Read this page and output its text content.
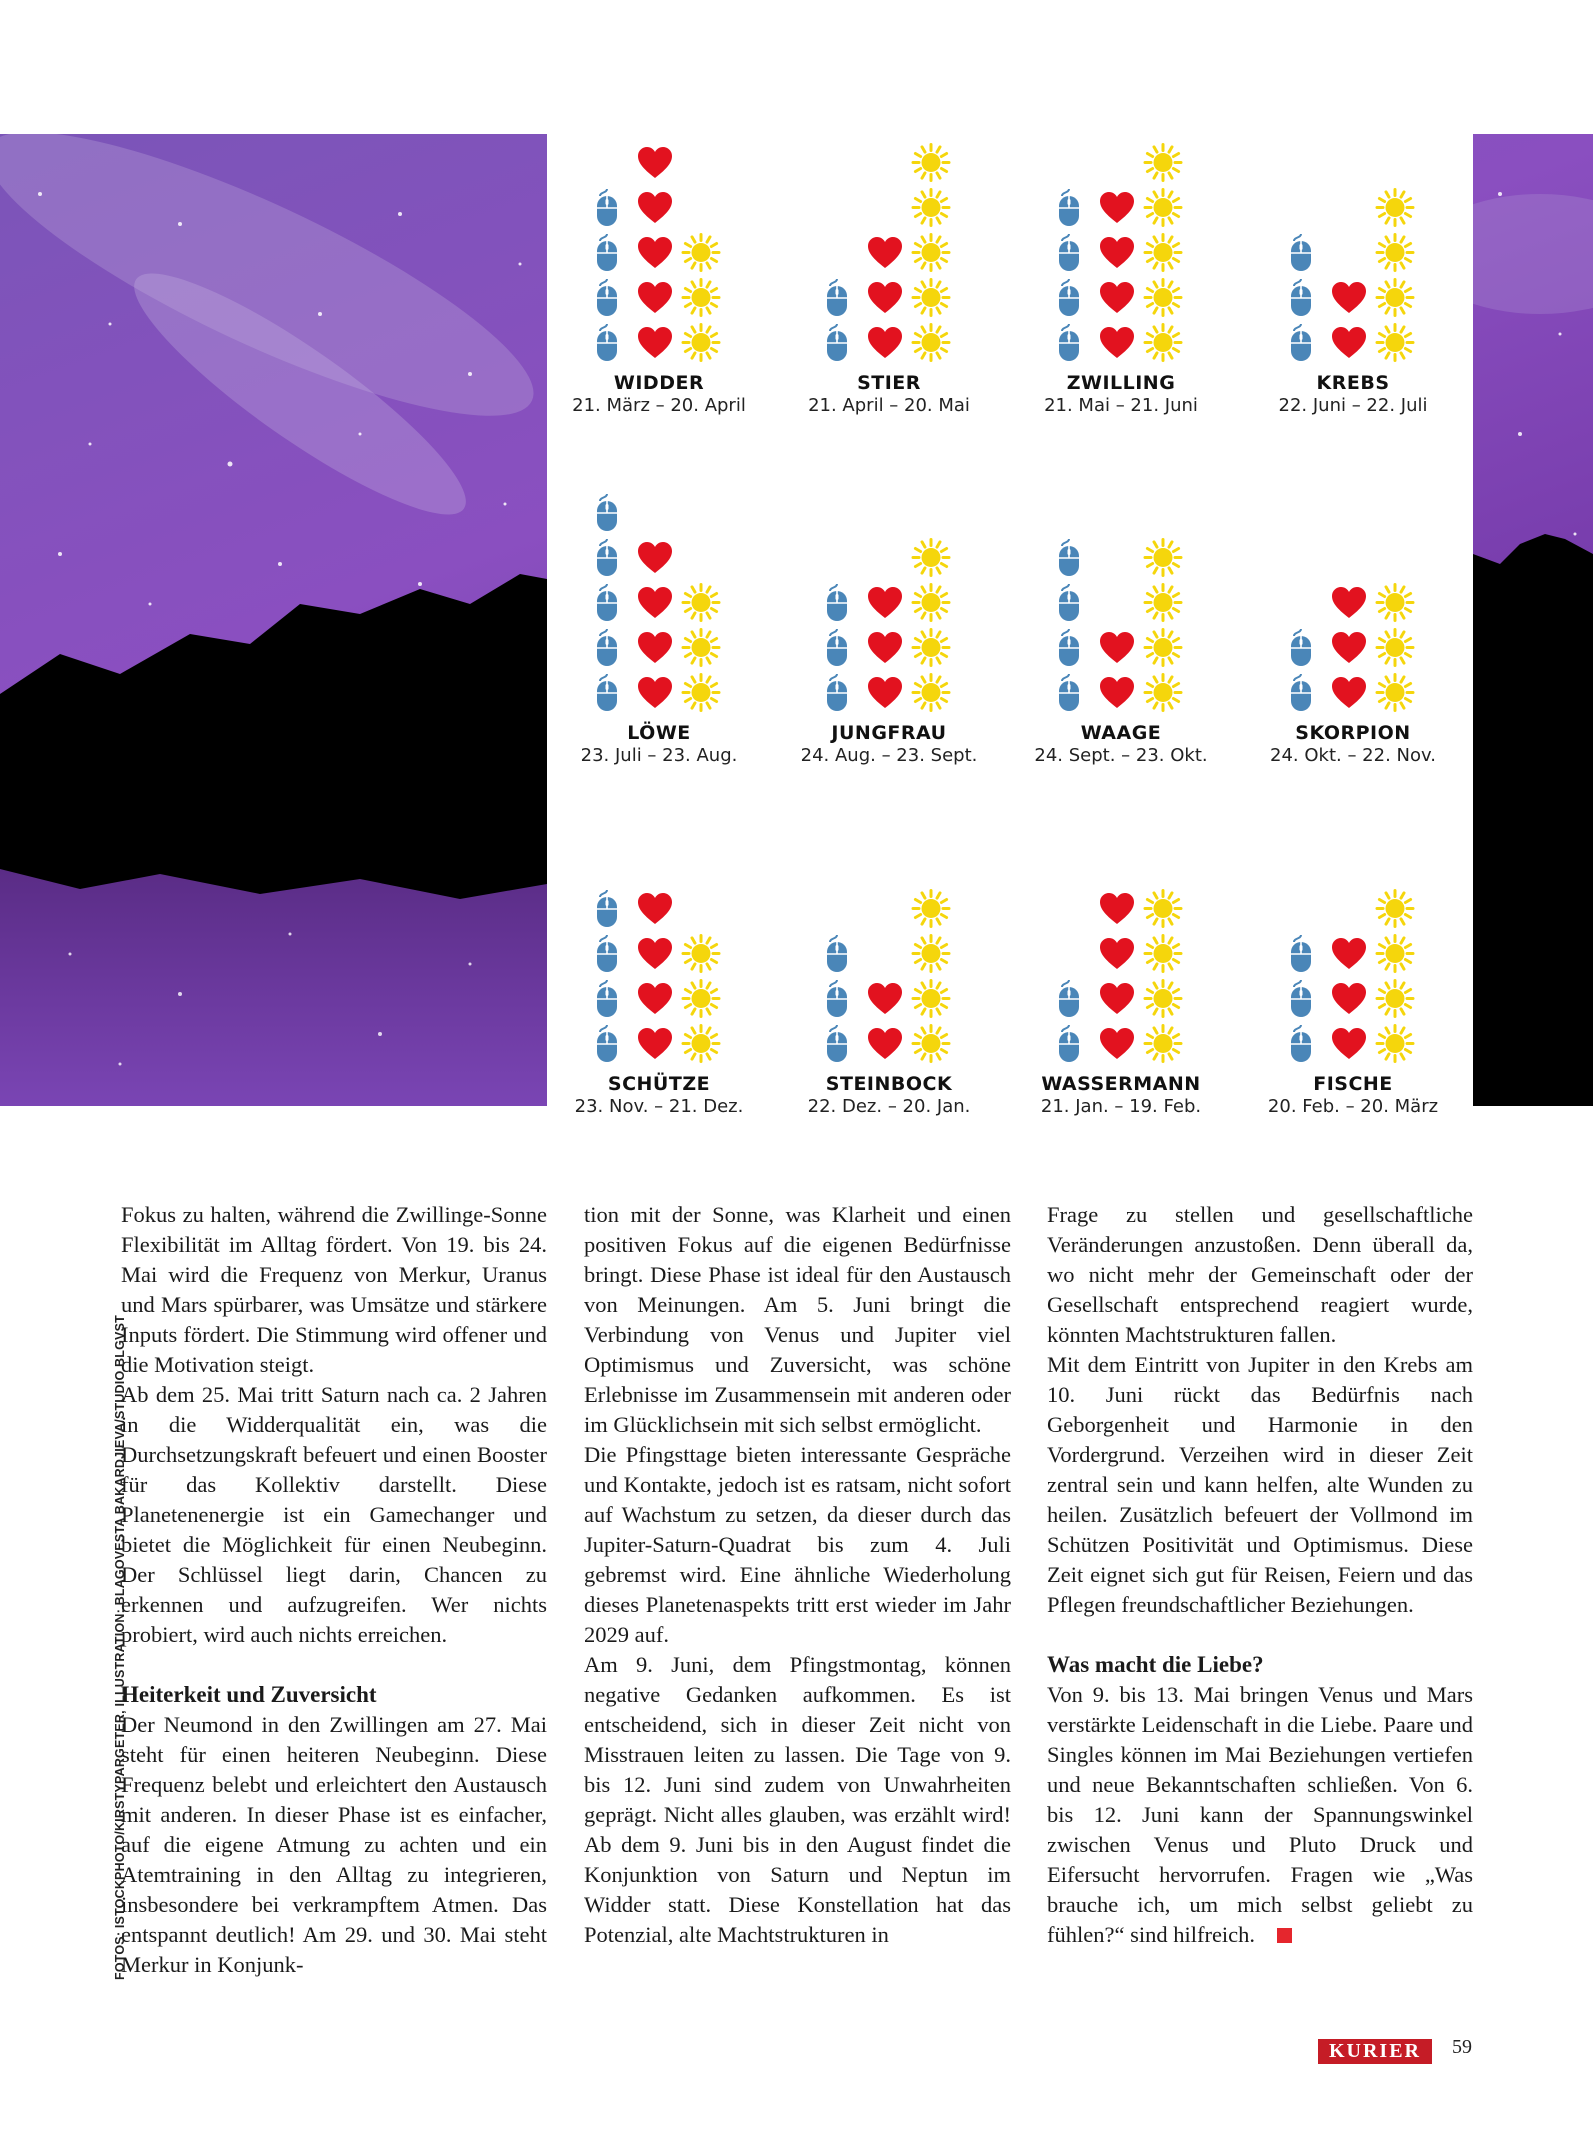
WIDDER
21. März – 20. April
STIER
21. April – 20. Mai
ZWILLING
21. Mai – 21. Juni
KREBS
22. Juni – 22. Juli
LÖWE
23. Juli – 23. Aug.
JUNGFRAU
24. Aug. – 23. Sept.
WAAGE
24. Sept. – 23. Okt.
SKORPION
24. Okt. – 22. Nov.
SCHÜTZE
23. Nov. – 21. Dez.
STEINBOCK
22. Dez. – 20. Jan.
WASSERMANN
21. Jan. – 19. Feb.
FISCHE
20. Feb. – 20. März

Fokus zu halten, während die Zwillinge-Sonne Flexibilität im Alltag fördert. Von 19. bis 24. Mai wird die Frequenz von Merkur, Uranus und Mars spürbarer, was Umsätze und stärkere Inputs fördert. Die Stimmung wird offener und die Motivation steigt.

Ab dem 25. Mai tritt Saturn nach ca. 2 Jahren in die Widderqualität ein, was die Durchsetzungskraft befeuert und einen Booster für das Kollektiv darstellt. Diese Planetenenergie ist ein Gamechanger und bietet die Möglichkeit für einen Neubeginn. Der Schlüssel liegt darin, Chancen zu erkennen und aufzugreifen. Wer nichts probiert, wird auch nichts erreichen.

Heiterkeit und Zuversicht

Der Neumond in den Zwillingen am 27. Mai steht für einen heiteren Neubeginn. Diese Frequenz belebt und erleichtert den Austausch mit anderen. In dieser Phase ist es einfacher, auf die eigene Atmung zu achten und ein Atemtraining in den Alltag zu integrieren, insbesondere bei verkrampftem Atmen. Das entspannt deutlich! Am 29. und 30. Mai steht Merkur in Konjunk-

tion mit der Sonne, was Klarheit und einen positiven Fokus auf die eigenen Bedürfnisse bringt. Diese Phase ist ideal für den Austausch von Meinungen. Am 5. Juni bringt die Verbindung von Venus und Jupiter viel Optimismus und Zuversicht, was schöne Erlebnisse im Zusammensein mit anderen oder im Glücklichsein mit sich selbst ermöglicht.

Die Pfingsttage bieten interessante Gespräche und Kontakte, jedoch ist es ratsam, nicht sofort auf Wachstum zu setzen, da dieser durch das Jupiter-Saturn-Quadrat bis zum 4. Juli gebremst wird. Eine ähnliche Wiederholung dieses Planetenaspekts tritt erst wieder im Jahr 2029 auf.

Am 9. Juni, dem Pfingstmontag, können negative Gedanken aufkommen. Es ist entscheidend, sich in dieser Zeit nicht von Misstrauen leiten zu lassen. Die Tage von 9. bis 12. Juni sind zudem von Unwahrheiten geprägt. Nicht alles glauben, was erzählt wird! Ab dem 9. Juni bis in den August findet die Konjunktion von Saturn und Neptun im Widder statt. Diese Konstellation hat das Potenzial, alte Machtstrukturen in

Frage zu stellen und gesellschaftliche Veränderungen anzustoßen. Denn überall da, wo nicht mehr der Gemeinschaft oder der Gesellschaft entsprechend reagiert wurde, könnten Machtstrukturen fallen.

Mit dem Eintritt von Jupiter in den Krebs am 10. Juni rückt das Bedürfnis nach Geborgenheit und Harmonie in den Vordergrund. Verzeihen wird in dieser Zeit zentral sein und kann helfen, alte Wunden zu heilen. Zusätzlich befeuert der Vollmond im Schützen Positivität und Optimismus. Diese Zeit eignet sich gut für Reisen, Feiern und das Pflegen freundschaftlicher Beziehungen.

Was macht die Liebe?

Von 9. bis 13. Mai bringen Venus und Mars verstärkte Leidenschaft in die Liebe. Paare und Singles können im Mai Beziehungen vertiefen und neue Bekanntschaften schließen. Von 6. bis 12. Juni kann der Spannungswinkel zwischen Venus und Pluto Druck und Eifersucht hervorrufen. Fragen wie „Was brauche ich, um mich selbst geliebt zu fühlen?“ sind hilfreich.

FOTOS: ISTOCKPHOTO/KIRSTYPARGETER, ILLUSTRATION: BLAGOVESTA BAKARDJIEVA/STUDIO BLGVST
KURIER	59
